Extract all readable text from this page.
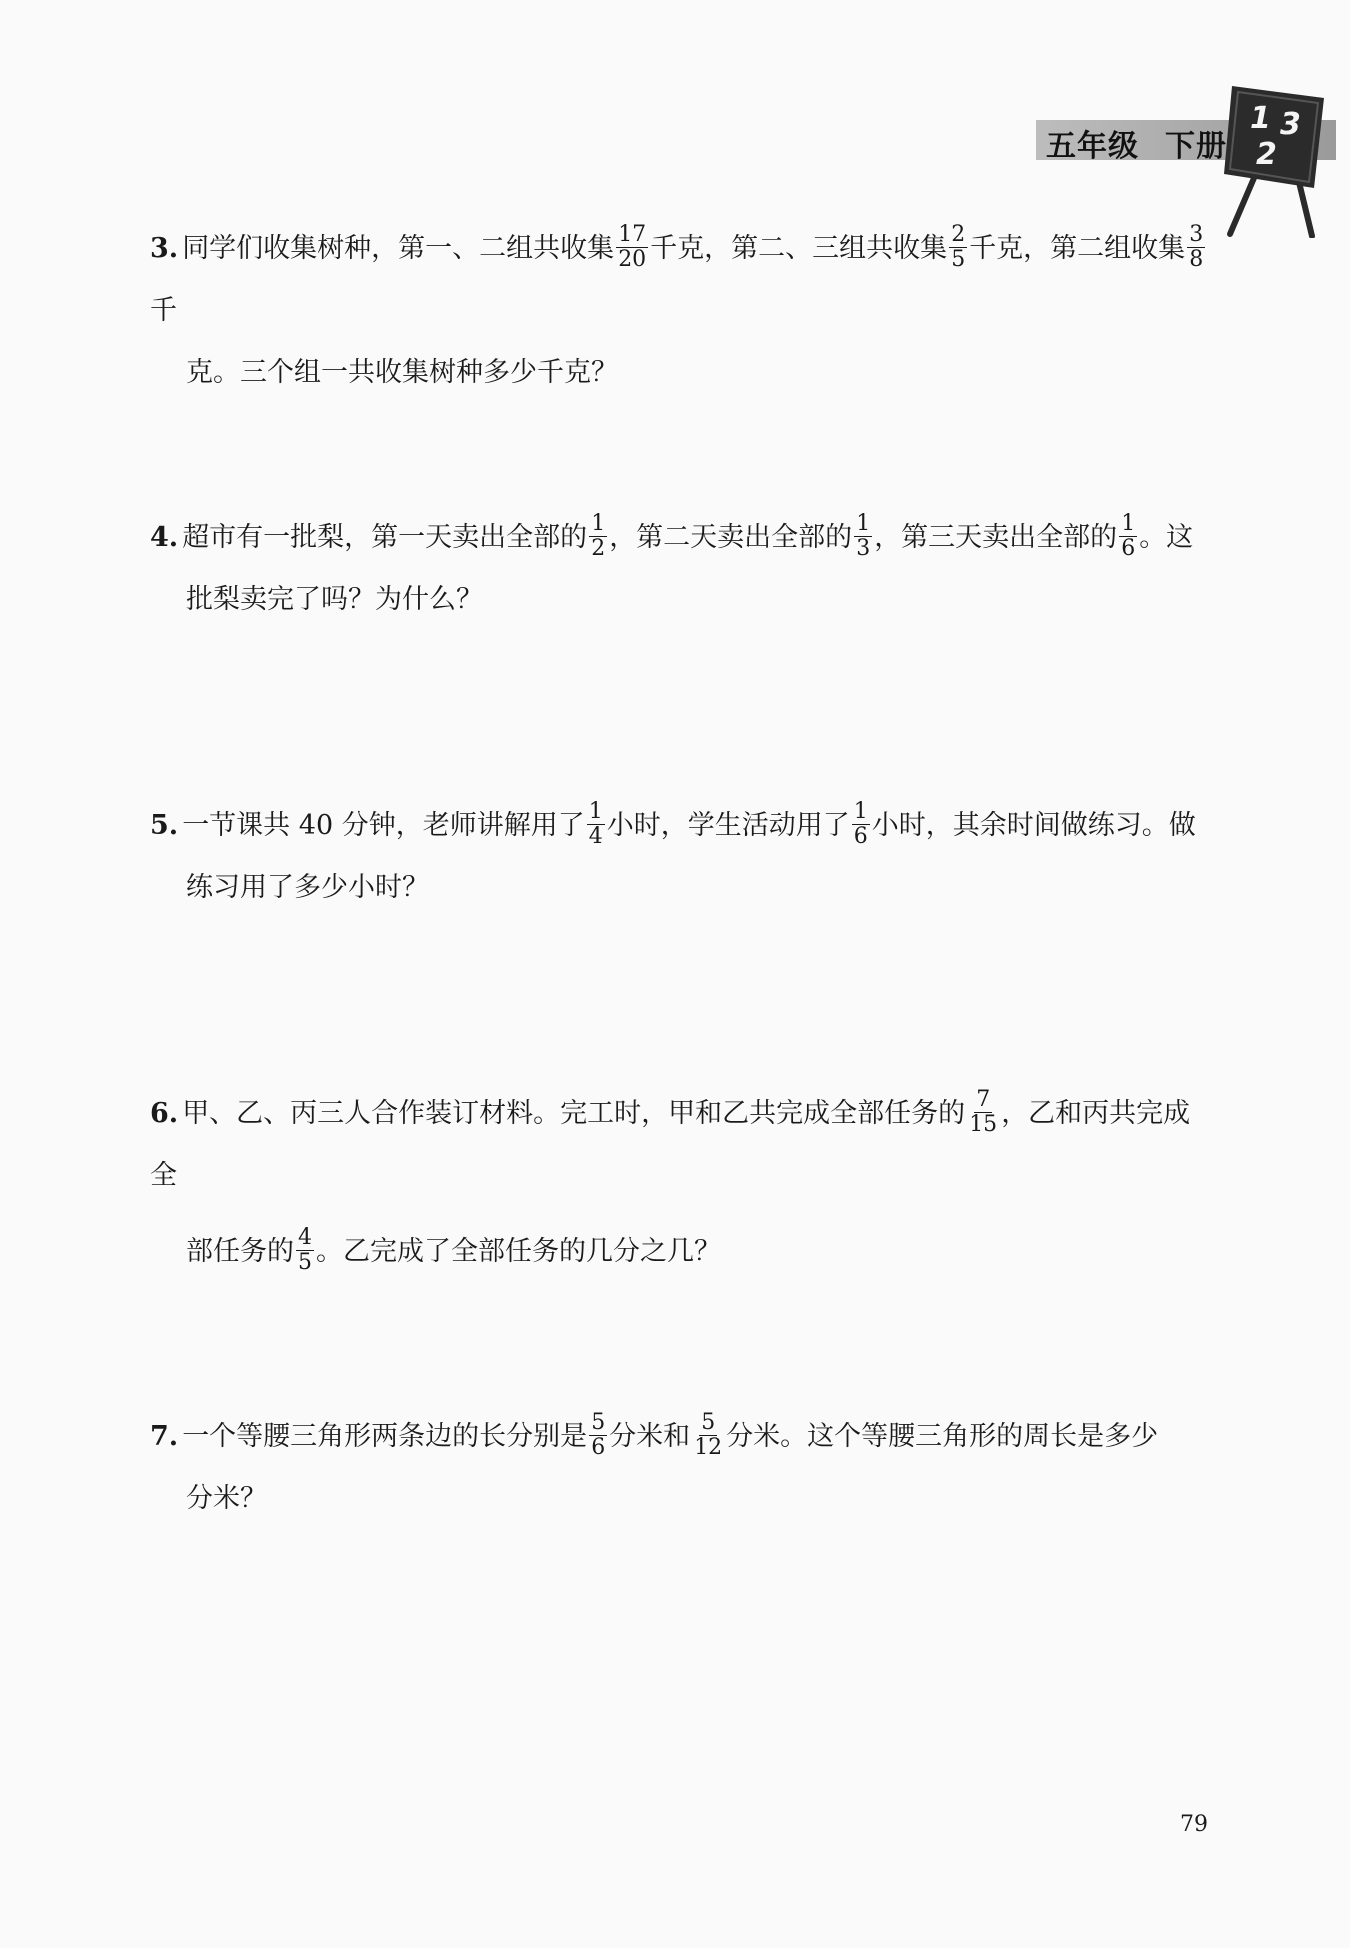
五年级 下册
1 3
2
3. 同学们收集树种，第一、二组共收集 $\frac{17}{20}$ 千克，第二、三组共收集 $\frac{2}{5}$ 千克，第二组收集 $\frac{3}{8}$
千
克。三个组一共收集树种多少千克？
4. 超市有一批梨，第一天卖出全部的 $\frac{1}{2}$ ，第二天卖出全部的 $\frac{1}{3}$ ，第三天卖出全部的 $\frac{1}{6}$ 。这
批梨卖完了吗？为什么？
5. 一节课共 40 分钟，老师讲解用了 $\frac{1}{4}$ 小时，学生活动用了 $\frac{1}{6}$ 小时，其余时间做练习。做
练习用了多少小时？
6. 甲、乙、丙三人合作装订材料。完工时，甲和乙共完成全部任务的 $\frac{7}{15}$ ，乙和丙共完成全
部任务的 $\frac{4}{5}$ 。乙完成了全部任务的几分之几？
7. 一个等腰三角形两条边的长分别是 $\frac{5}{6}$ 分米和 $\frac{5}{12}$ 分米。这个等腰三角形的周长是多少
分米？
79
